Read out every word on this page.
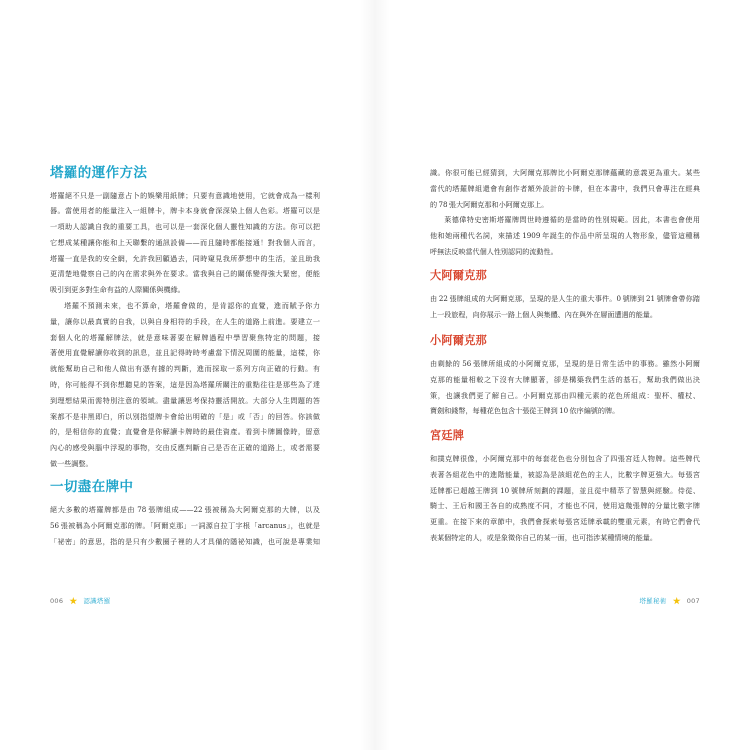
塔羅的運作方法
塔羅絕不只是一副隨意占卜的娛樂用紙牌；只要有意識地使用，它就會成為一樣利
器。當使用者的能量注入一組牌卡，牌卡本身就會深深染上個人色彩。塔羅可以是
一項助人認識自我的重要工具，也可以是一套深化個人靈性知識的方法。你可以把
它想成某種讓你能和上天聯繫的通訊設備——而且隨時都能接通！對我個人而言，
塔羅一直是我的安全網，允許我回顧過去，同時窺見我所夢想中的生活，並且助我
更清楚地覺察自己的內在需求與外在要求。當我與自己的關係變得強大緊密，便能
吸引到更多對生命有益的人際關係與機緣。
塔羅不預測未來，也不算命，塔羅會做的，是肯認你的直覺，進而賦予你力
量，讓你以最真實的自我，以與自身相符的手段，在人生的道路上前進。要建立一
套個人化的塔羅解牌法，就是意味著要在解牌過程中學習聚焦特定的問題，接
著使用直覺解讀你收到的訊息，並且記得時時考慮當下情況周圍的能量，這樣，你
就能幫助自己和他人做出有憑有據的判斷，進而採取一系列方向正確的行動。有
時，你可能得不到你想聽見的答案，這是因為塔羅所關注的重點往往是那些為了達
到理想結果而需特別注意的領域。盡量讓思考保持靈活開放。大部分人生問題的答
案都不是非黑即白，所以別指望牌卡會給出明確的「是」或「否」的回答。你該做
的，是相信你的直覺；直覺會是你解讀卡牌時的最佳資產。看到卡牌圖像時，留意
內心的感受與腦中浮現的事物，交由反應判斷自己是否在正確的道路上，或者需要
做一些調整。
一切盡在牌中
絕大多數的塔羅牌都是由 78 張牌組成——22 張被稱為大阿爾克那的大牌，以及
56 張被稱為小阿爾克那的牌。「阿爾克那」一詞源自拉丁字根「arcanus」，也就是
「祕密」的意思，指的是只有少數圈子裡的人才具備的隱祕知識，也可說是專業知
006	認識塔羅
識。你很可能已經猜到，大阿爾克那牌比小阿爾克那牌蘊藏的意義更為重大。某些
當代的塔羅牌組還會有創作者額外設計的卡牌，但在本書中，我們只會專注在經典
的 78 張大阿爾克那和小阿爾克那上。
萊德偉特史密斯塔羅牌問世時遵循的是當時的性別規範。因此，本書也會使用
他和她兩種代名詞，來描述 1909 年誕生的作品中所呈現的人物形象，儘管這種稱
呼無法反映當代個人性別認同的流動性。
大阿爾克那
由 22 張牌組成的大阿爾克那，呈現的是人生的重大事件。0 號牌到 21 號牌會帶你踏
上一段旅程，向你展示一路上個人與集體、內在與外在層面遭遇的能量。
小阿爾克那
由剩餘的 56 張牌所組成的小阿爾克那，呈現的是日常生活中的事務。雖然小阿爾
克那的能量相較之下沒有大牌顯著，卻是構築我們生活的基石，幫助我們做出決
策，也讓我們更了解自己。小阿爾克那由四種元素的花色所組成：聖杯、權杖、
寶劍和錢幣，每種花色包含十張從王牌到 10 依序編號的牌。
宮廷牌
和撲克牌很像，小阿爾克那中的每套花色也分別包含了四張宮廷人物牌。這些牌代
表著各組花色中的進階能量，被認為是該組花色的主人，比數字牌更強大。每張宮
廷牌都已超越王牌到 10 號牌所刻劃的課題，並且從中精萃了智慧與經驗。侍從、
騎士、王后和國王各自的成熟度不同，才能也不同，使用這幾張牌的分量比數字牌
更重。在接下來的章節中，我們會探索每張宮廷牌承載的雙重元素，有時它們會代
表某個特定的人，或是象徵你自己的某一面，也可指涉某種情境的能量。
塔羅秘術	007
